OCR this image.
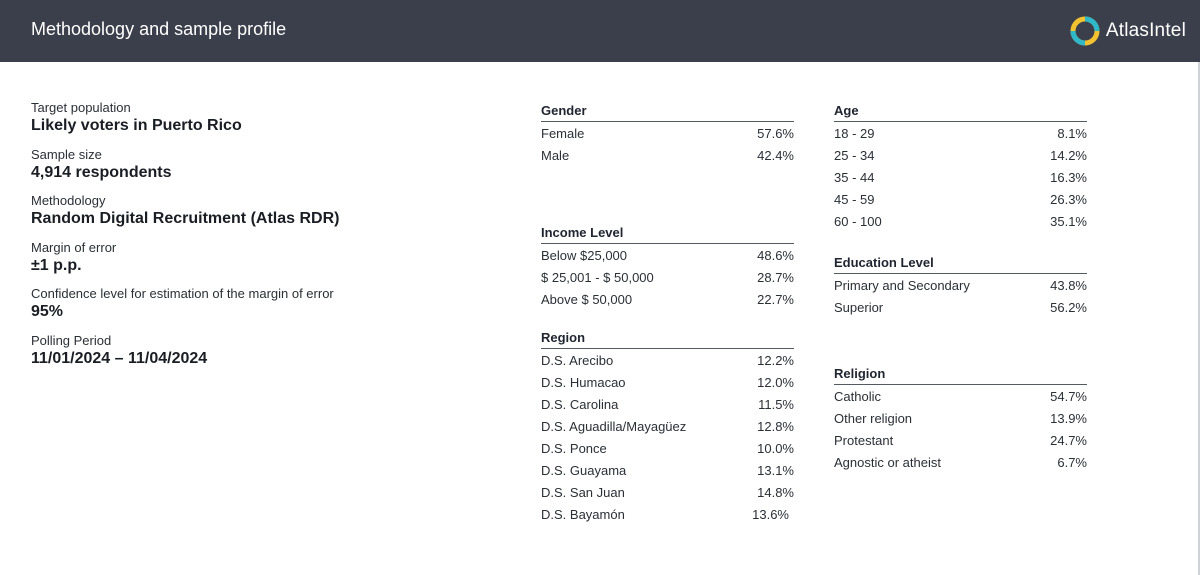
Methodology and sample profile	AtlasIntel
Target population
Likely voters in Puerto Rico
Sample size
4,914 respondents
Methodology
Random Digital Recruitment (Atlas RDR)
Margin of error
±1 p.p.
Confidence level for estimation of the margin of error
95%
Polling Period
11/01/2024 – 11/04/2024
Gender
Female	57.6%
Male	42.4%
Income Level
Below $25,000	48.6%
$ 25,001 - $ 50,000	28.7%
Above $ 50,000	22.7%
Region
D.S. Arecibo	12.2%
D.S. Humacao	12.0%
D.S. Carolina	11.5%
D.S. Aguadilla/Mayagüez	12.8%
D.S. Ponce	10.0%
D.S. Guayama	13.1%
D.S. San Juan	14.8%
D.S. Bayamón	13.6%
Age
18 - 29	8.1%
25 - 34	14.2%
35 - 44	16.3%
45 - 59	26.3%
60 - 100	35.1%
Education Level
Primary and Secondary	43.8%
Superior	56.2%
Religion
Catholic	54.7%
Other religion	13.9%
Protestant	24.7%
Agnostic or atheist	6.7%
